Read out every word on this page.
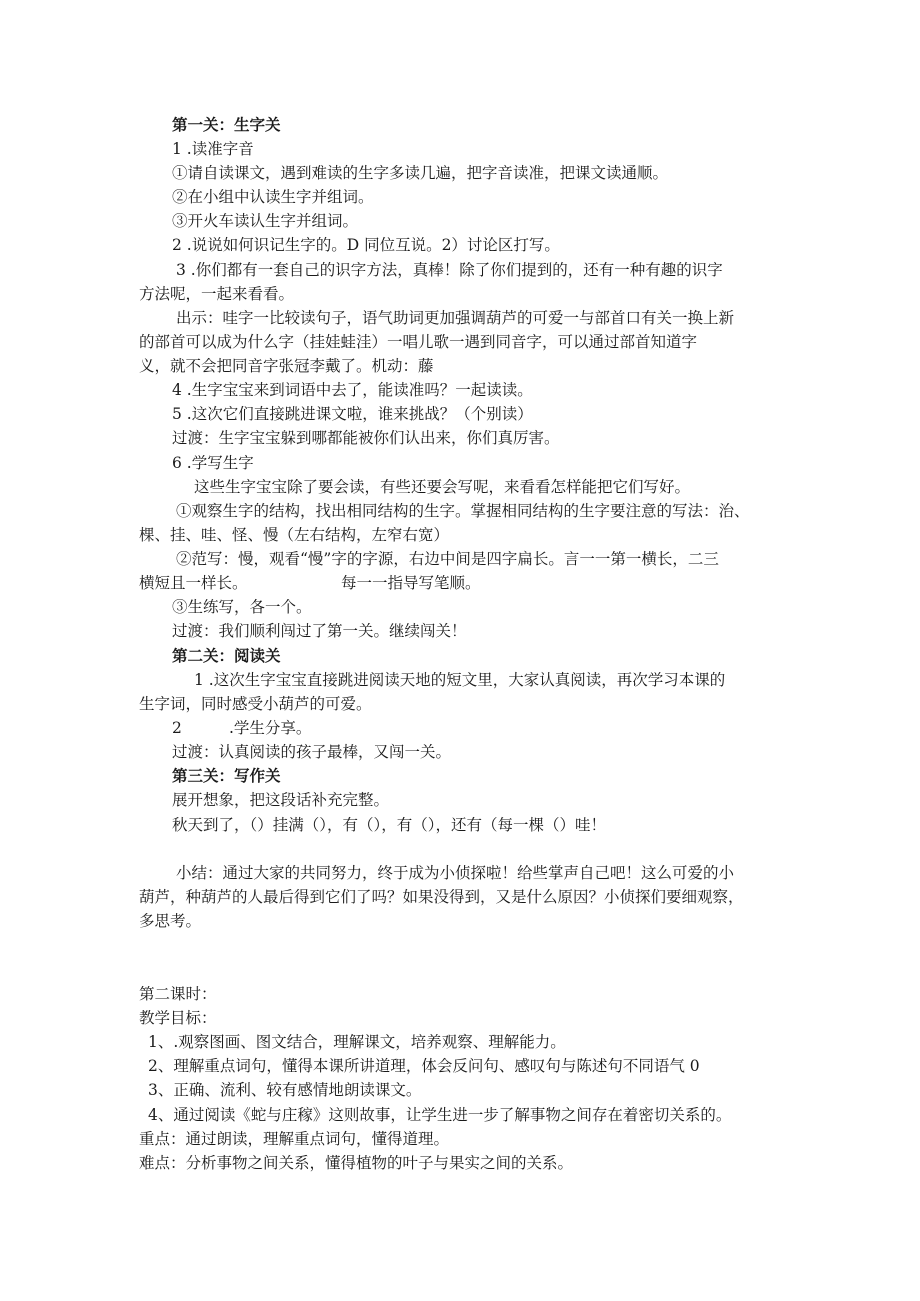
第一关：生字关
1 .读准字音
①请自读课文，遇到难读的生字多读几遍，把字音读准，把课文读通顺。
②在小组中认读生字并组词。
③开火车读认生字并组词。
2 .说说如何识记生字的。D 同位互说。2）讨论区打写。
3 .你们都有一套自己的识字方法，真棒！除了你们提到的，还有一种有趣的识字
方法呢，一起来看看。
出示：哇字一比较读句子，语气助词更加强调葫芦的可爱一与部首口有关一换上新
的部首可以成为什么字（挂娃蛙洼）一唱儿歌一遇到同音字，可以通过部首知道字
义，就不会把同音字张冠李戴了。机动：藤
4 .生字宝宝来到词语中去了，能读准吗？一起读读。
5 .这次它们直接跳进课文啦，谁来挑战？（个别读）
过渡：生字宝宝躲到哪都能被你们认出来，你们真厉害。
6 .学写生字
这些生字宝宝除了要会读，有些还要会写呢，来看看怎样能把它们写好。
①观察生字的结构，找出相同结构的生字。掌握相同结构的生字要注意的写法：治、
棵、挂、哇、怪、慢（左右结构，左窄右宽）
②范写：慢，观看“慢”字的字源，右边中间是四字扁长。言一一第一横长，二三
横短且一样长。	每一一指导写笔顺。
③生练写，各一个。
过渡：我们顺利闯过了第一关。继续闯关！
第二关：阅读关
1 .这次生字宝宝直接跳进阅读天地的短文里，大家认真阅读，再次学习本课的
生字词，同时感受小葫芦的可爱。
2	.学生分享。
过渡：认真阅读的孩子最棒，又闯一关。
第三关：写作关
展开想象，把这段话补充完整。
秋天到了，（）挂满（），有（），有（），还有（每一棵（）哇！
小结：通过大家的共同努力，终于成为小侦探啦！给些掌声自己吧！这么可爱的小
葫芦，种葫芦的人最后得到它们了吗？如果没得到，又是什么原因？小侦探们要细观察，
多思考。
第二课时：
教学目标：
1、.观察图画、图文结合，理解课文，培养观察、理解能力。
2、理解重点词句，懂得本课所讲道理，体会反问句、感叹句与陈述句不同语气 0
3、正确、流利、较有感情地朗读课文。
4、通过阅读《蛇与庄稼》这则故事，让学生进一步了解事物之间存在着密切关系的。
重点：通过朗读，理解重点词句，懂得道理。
难点：分析事物之间关系，懂得植物的叶子与果实之间的关系。
